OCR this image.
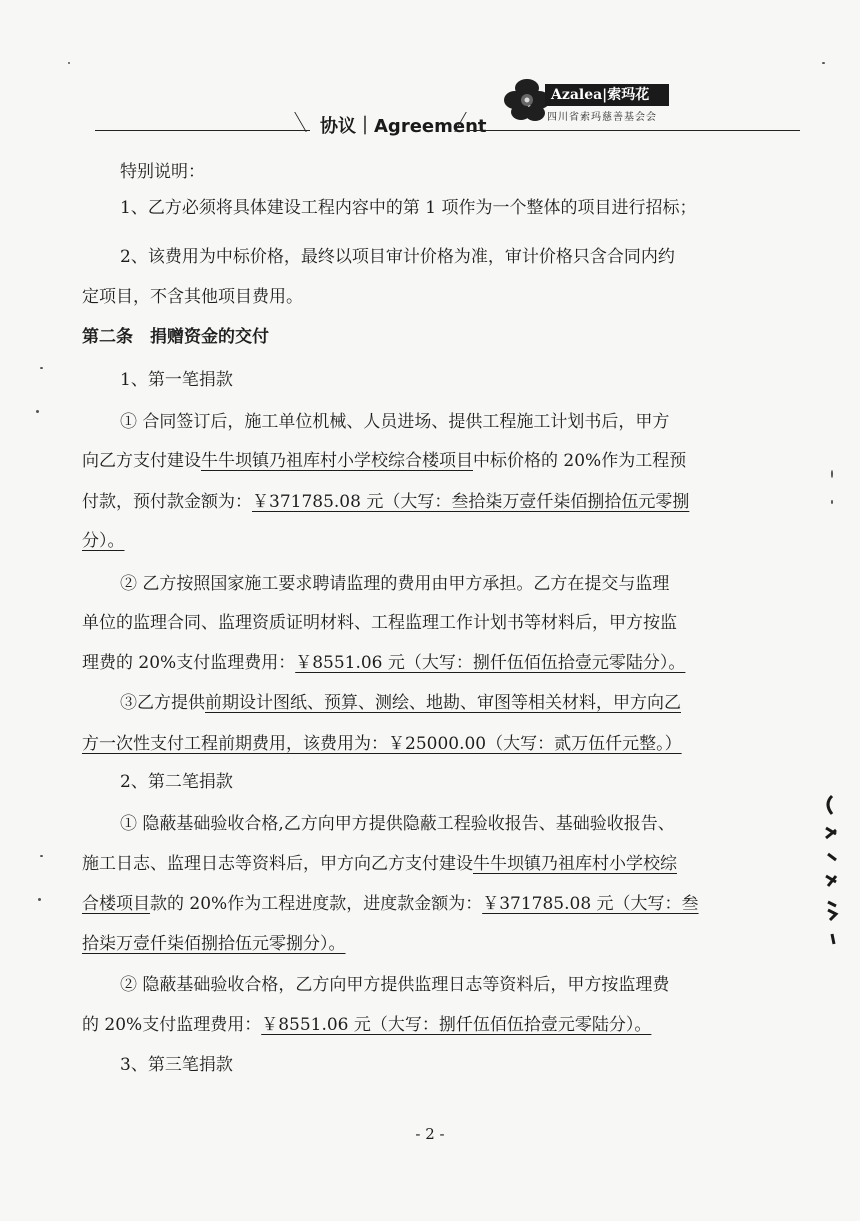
协议｜Agreement
Azalea|索玛花
四川省索玛慈善基会会
特别说明：
1、乙方必须将具体建设工程内容中的第 1 项作为一个整体的项目进行招标；
2、该费用为中标价格，最终以项目审计价格为准，审计价格只含合同内约
定项目，不含其他项目费用。
第二条　捐赠资金的交付
1、第一笔捐款
① 合同签订后，施工单位机械、人员进场、提供工程施工计划书后，甲方
向乙方支付建设牛牛坝镇乃祖库村小学校综合楼项目中标价格的 20%作为工程预
付款，预付款金额为：￥371785.08 元（大写：叁拾柒万壹仟柒佰捌拾伍元零捌
分）。
② 乙方按照国家施工要求聘请监理的费用由甲方承担。乙方在提交与监理
单位的监理合同、监理资质证明材料、工程监理工作计划书等材料后，甲方按监
理费的 20%支付监理费用：￥8551.06 元（大写：捌仟伍佰伍拾壹元零陆分）。
③乙方提供前期设计图纸、预算、测绘、地勘、审图等相关材料，甲方向乙
方一次性支付工程前期费用，该费用为：￥25000.00（大写：贰万伍仟元整。）
2、第二笔捐款
① 隐蔽基础验收合格,乙方向甲方提供隐蔽工程验收报告、基础验收报告、
施工日志、监理日志等资料后，甲方向乙方支付建设牛牛坝镇乃祖库村小学校综
合楼项目款的 20%作为工程进度款，进度款金额为：￥371785.08 元（大写：叁
拾柒万壹仟柒佰捌拾伍元零捌分）。
② 隐蔽基础验收合格，乙方向甲方提供监理日志等资料后，甲方按监理费
的 20%支付监理费用：￥8551.06 元（大写：捌仟伍佰伍拾壹元零陆分）。
3、第三笔捐款
- 2 -
